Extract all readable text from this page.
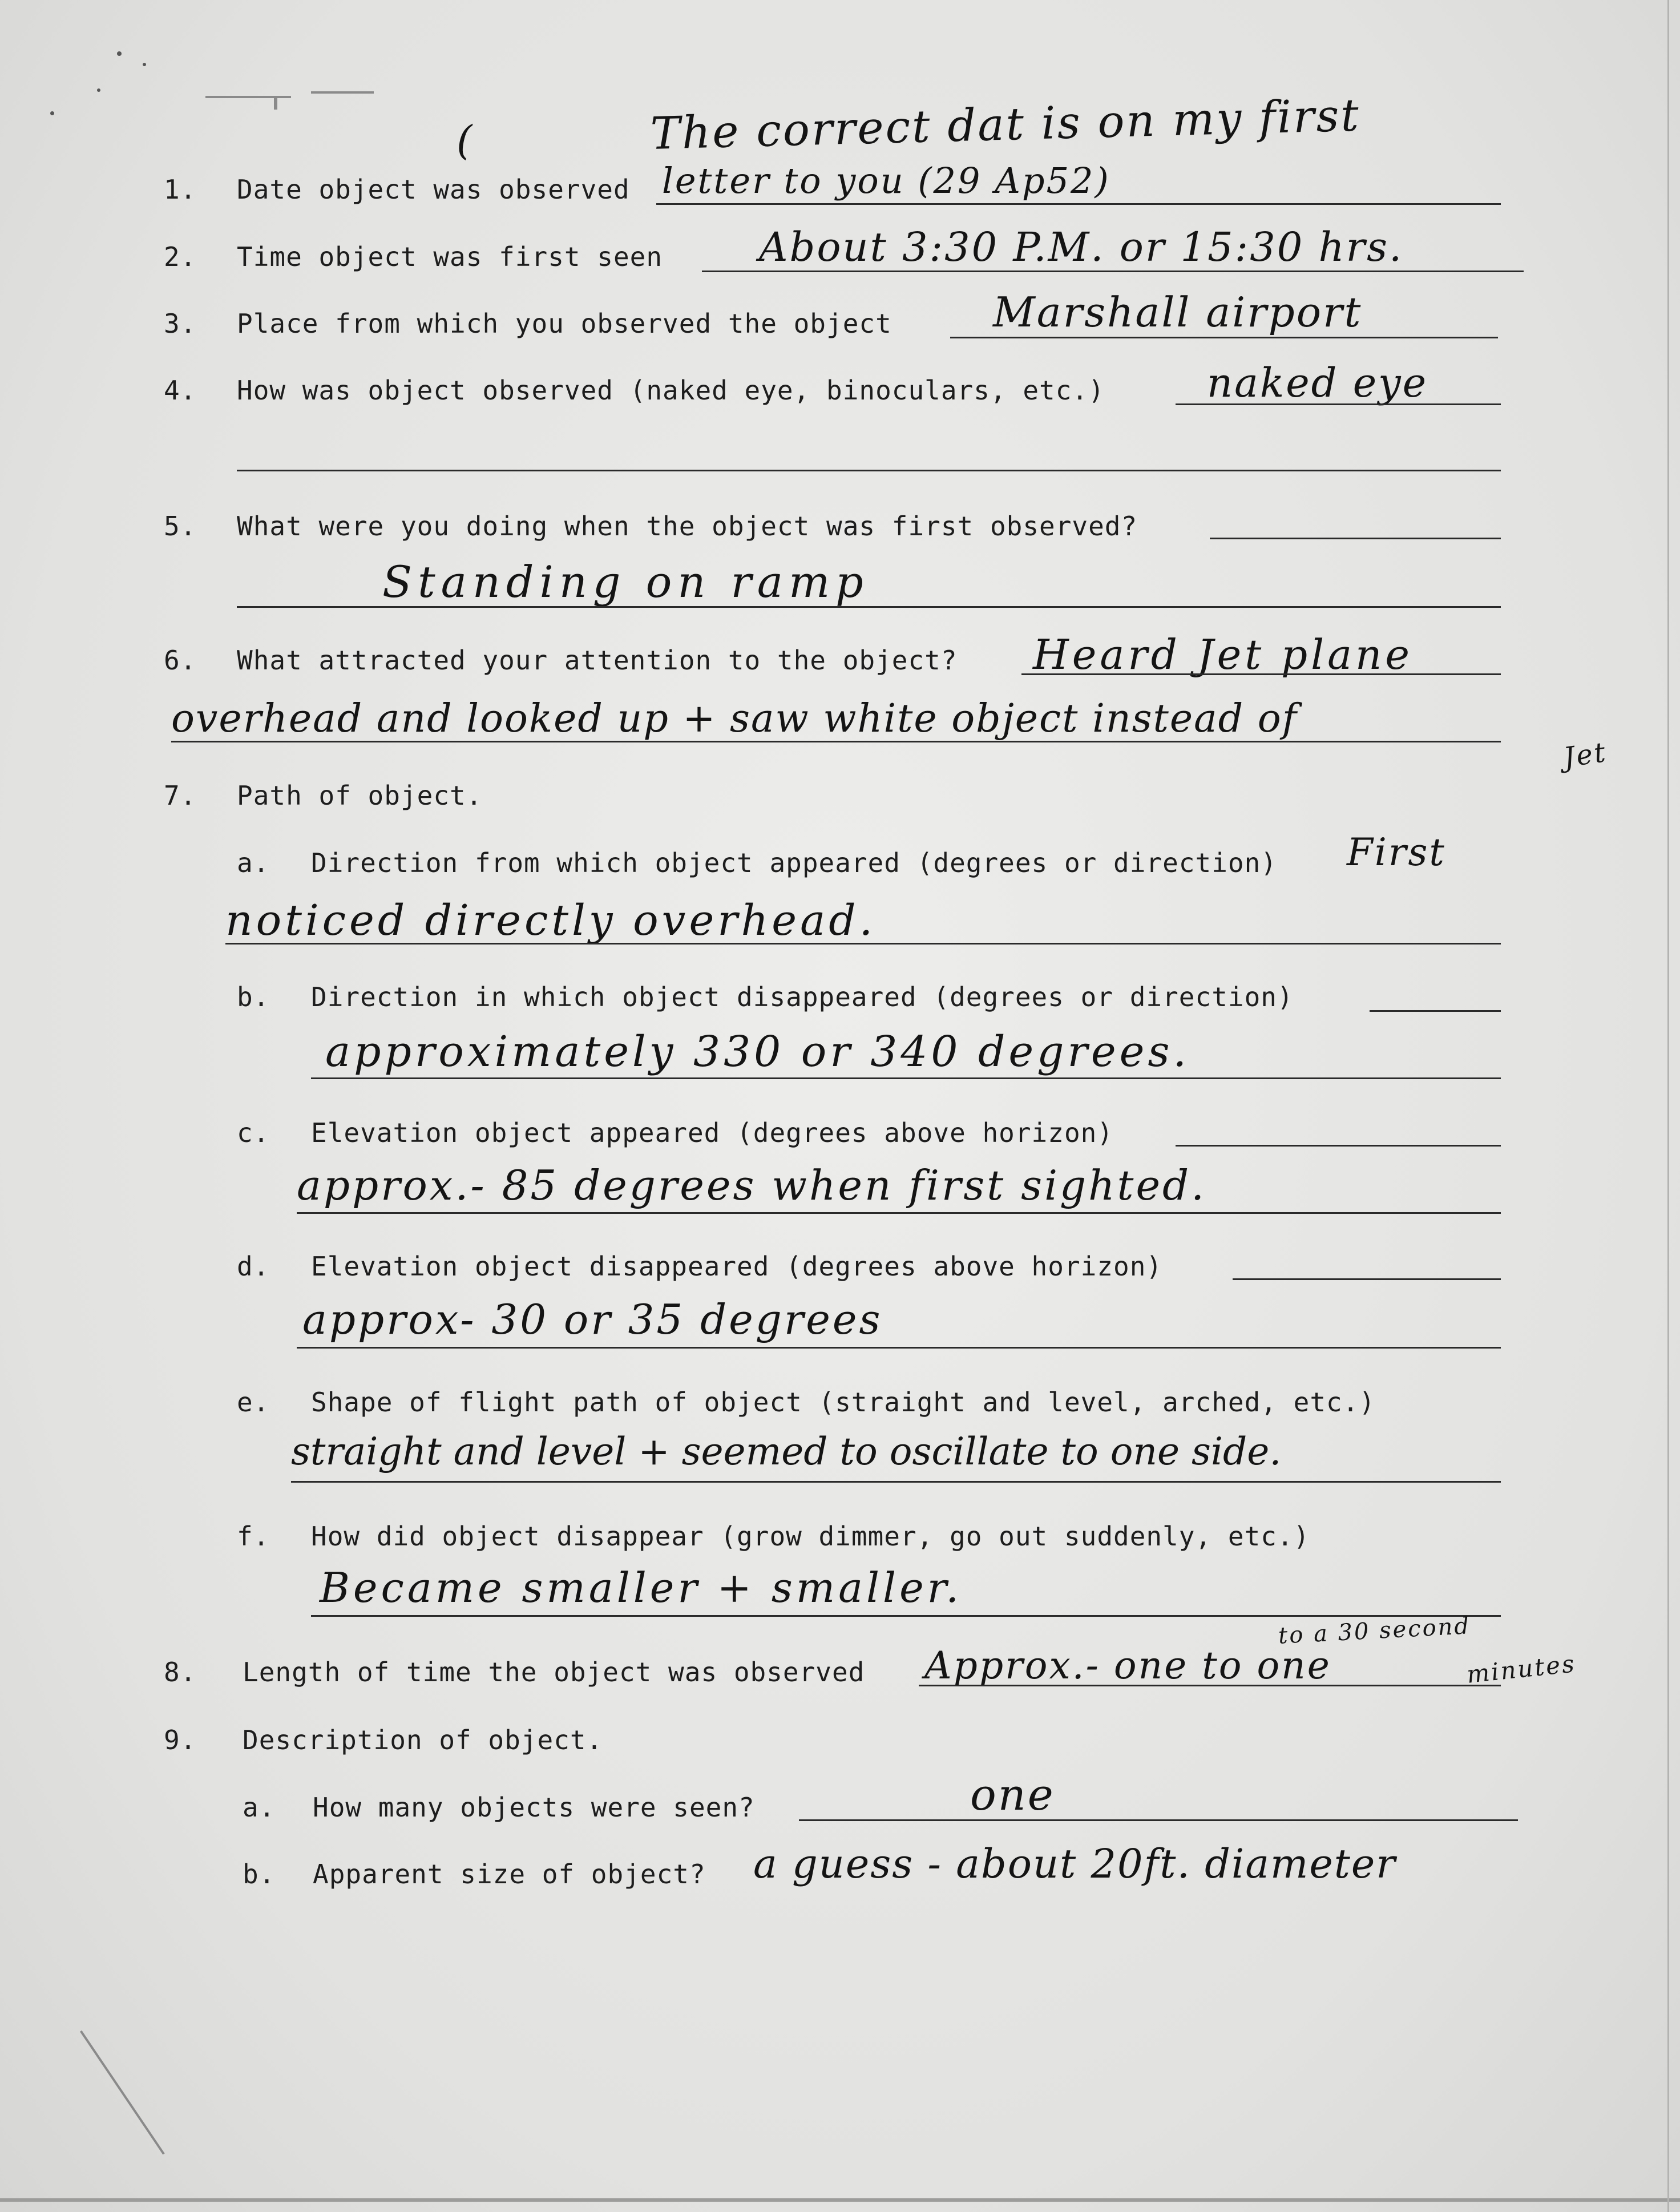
(	The correct dat is on my first
1. Date object was observed letter to you (29 Ap52)
2. Time object was first seen About 3:30 P.M. or 15:30 hrs.
3. Place from which you observed the object Marshall airport
4. How was object observed (naked eye, binoculars, etc.)	naked eye
5. What were you doing when the object was first observed?
Standing on ramp
6. What attracted your attention to the object? Heard Jet plane
overhead and looked up + saw white object instead of
Jet
7. Path of object.
a. Direction from which object appeared (degrees or direction) First
noticed directly overhead.
b. Direction in which object disappeared (degrees or direction)
approximately 330 or 340 degrees.
c. Elevation object appeared (degrees above horizon)
approx.- 85 degrees when first sighted.
d. Elevation object disappeared (degrees above horizon)
approx- 30 or 35 degrees
e. Shape of flight path of object (straight and level, arched, etc.)
straight and level + seemed to oscillate to one side.
f. How did object disappear (grow dimmer, go out suddenly, etc.)
Became smaller + smaller.
8. Length of time the object was observed
to a 30 second
Approx.- one to one	minutes
9. Description of object.
a. How many objects were seen?	one
b. Apparent size of object? a guess - about 20ft. diameter
